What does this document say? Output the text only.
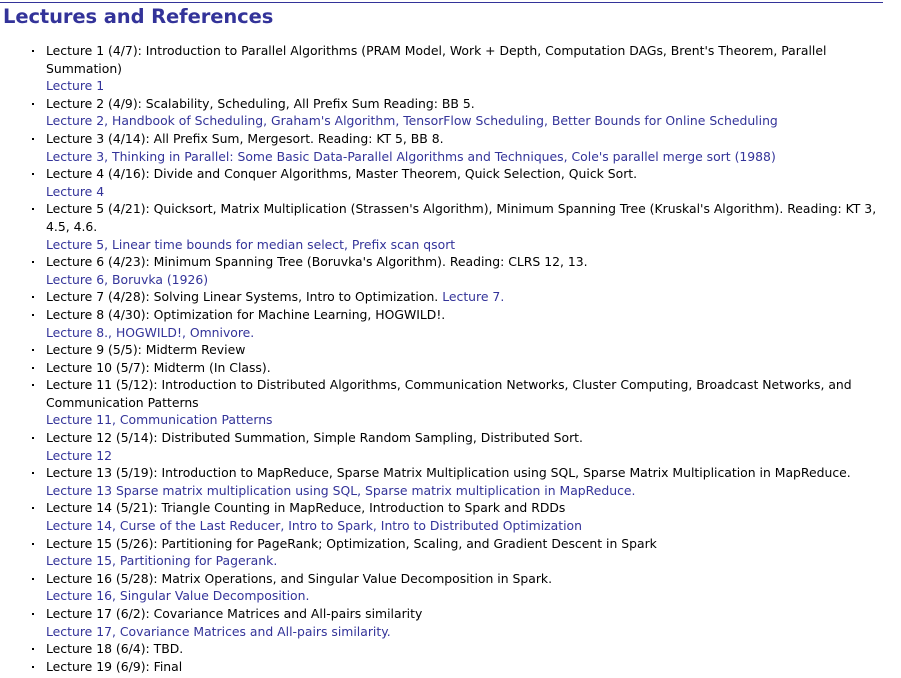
Lectures and References
Lecture 1 (4/7): Introduction to Parallel Algorithms (PRAM Model, Work + Depth, Computation DAGs, Brent's Theorem, Parallel Summation)
Lecture 1
Lecture 2 (4/9): Scalability, Scheduling, All Prefix Sum Reading: BB 5.
Lecture 2, Handbook of Scheduling, Graham's Algorithm, TensorFlow Scheduling, Better Bounds for Online Scheduling
Lecture 3 (4/14): All Prefix Sum, Mergesort. Reading: KT 5, BB 8.
Lecture 3, Thinking in Parallel: Some Basic Data-Parallel Algorithms and Techniques, Cole's parallel merge sort (1988)
Lecture 4 (4/16): Divide and Conquer Algorithms, Master Theorem, Quick Selection, Quick Sort.
Lecture 4
Lecture 5 (4/21): Quicksort, Matrix Multiplication (Strassen's Algorithm), Minimum Spanning Tree (Kruskal's Algorithm). Reading: KT 3, 4.5, 4.6.
Lecture 5, Linear time bounds for median select, Prefix scan qsort
Lecture 6 (4/23): Minimum Spanning Tree (Boruvka's Algorithm). Reading: CLRS 12, 13.
Lecture 6, Boruvka (1926)
Lecture 7 (4/28): Solving Linear Systems, Intro to Optimization. Lecture 7.
Lecture 8 (4/30): Optimization for Machine Learning, HOGWILD!.
Lecture 8., HOGWILD!, Omnivore.
Lecture 9 (5/5): Midterm Review
Lecture 10 (5/7): Midterm (In Class).
Lecture 11 (5/12): Introduction to Distributed Algorithms, Communication Networks, Cluster Computing, Broadcast Networks, and Communication Patterns
Lecture 11, Communication Patterns
Lecture 12 (5/14): Distributed Summation, Simple Random Sampling, Distributed Sort.
Lecture 12
Lecture 13 (5/19): Introduction to MapReduce, Sparse Matrix Multiplication using SQL, Sparse Matrix Multiplication in MapReduce.
Lecture 13 Sparse matrix multiplication using SQL, Sparse matrix multiplication in MapReduce.
Lecture 14 (5/21): Triangle Counting in MapReduce, Introduction to Spark and RDDs
Lecture 14, Curse of the Last Reducer, Intro to Spark, Intro to Distributed Optimization
Lecture 15 (5/26): Partitioning for PageRank; Optimization, Scaling, and Gradient Descent in Spark
Lecture 15, Partitioning for Pagerank.
Lecture 16 (5/28): Matrix Operations, and Singular Value Decomposition in Spark.
Lecture 16, Singular Value Decomposition.
Lecture 17 (6/2): Covariance Matrices and All-pairs similarity
Lecture 17, Covariance Matrices and All-pairs similarity.
Lecture 18 (6/4): TBD.
Lecture 19 (6/9): Final
